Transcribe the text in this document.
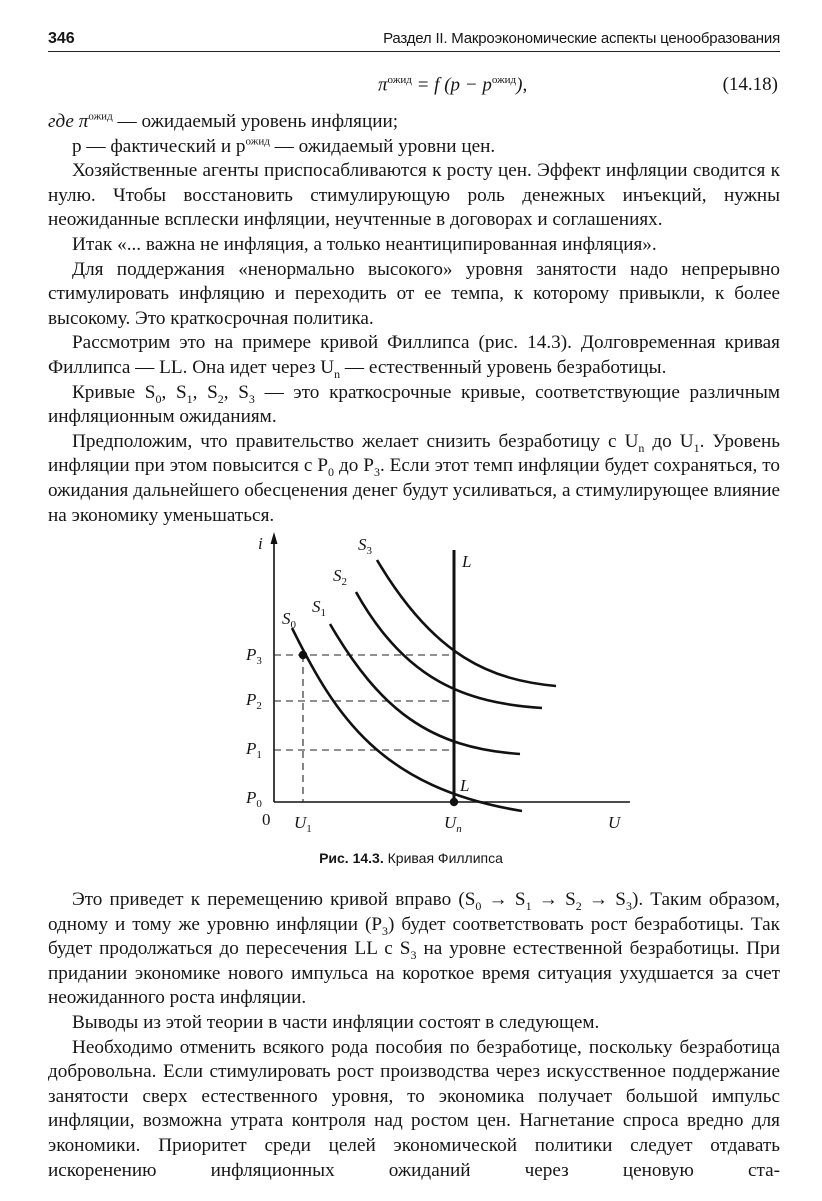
346	Раздел II. Макроэкономические аспекты ценообразования
$\pi^{ожид} = f$ $(p - p^{ожид})$,	(14.18)

где $\pi^{ожид}$ — ожидаемый уровень инфляции;

p — фактический и $p^{ожид}$ — ожидаемый уровни цен.

Хозяйственные агенты приспосабливаются к росту цен. Эффект инфляции сводится к нулю. Чтобы восстановить стимулирующую роль денежных инъекций, нужны неожиданные всплески инфляции, неучтенные в договорах и соглашениях.

Итак «... важна не инфляция, а только неантиципированная инфляция».

Для поддержания «ненормально высокого» уровня занятости надо непрерывно стимулировать инфляцию и переходить от ее темпа, к которому привыкли, к более высокому. Это краткосрочная политика.

Рассмотрим это на примере кривой Филлипса (рис. 14.3). Долговременная кривая Филлипса — LL. Она идет через $U_n$ — естественный уровень безработицы.

Кривые $S_0$, $S_1$, $S_2$, $S_3$ — это краткосрочные кривые, соответствующие различным инфляционным ожиданиям.

Предположим, что правительство желает снизить безработицу с $U_n$ до $U_1$. Уровень инфляции при этом повысится с $P_0$ до $P_3$. Если этот темп инфляции будет сохраняться, то ожидания дальнейшего обесценения денег будут усиливаться, а стимулирующее влияние на экономику уменьшаться.

i
U
0
$P_3$
$P_2$
$P_1$
$P_0$
$S_0$
$S_1$
$S_2$
$S_3$
L
L
$U_1$	$U_n$
Рис. 14.3. Кривая Филлипса

Это приведет к перемещению кривой вправо $(S_0 \to S_1 \to S_2 \to S_3)$. Таким образом, одному и тому же уровню инфляции $(P_3)$ будет соответствовать рост безработицы. Так будет продолжаться до пересечения LL с $S_3$ на уровне естественной безработицы. При придании экономике нового импульса на короткое время ситуация ухудшается за счет неожиданного роста инфляции.

Выводы из этой теории в части инфляции состоят в следующем.

Необходимо отменить всякого рода пособия по безработице, поскольку безработица добровольна. Если стимулировать рост производства через искусственное поддержание занятости сверх естественного уровня, то экономика получает большой импульс инфляции, возможна утрата контроля над ростом цен. Нагнетание спроса вредно для экономики. Приоритет среди целей экономической политики следует отдавать искоренению инфляционных ожиданий через ценовую ста-
